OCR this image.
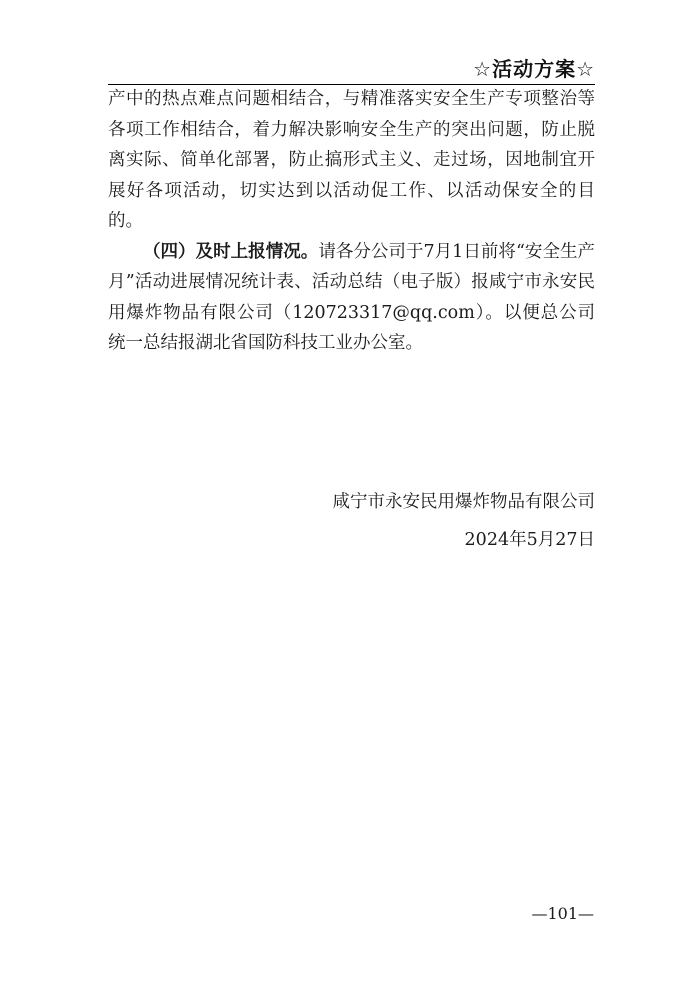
☆活动方案☆

产中的热点难点问题相结合，与精准落实安全生产专项整治等各项工作相结合，着力解决影响安全生产的突出问题，防止脱离实际、简单化部署，防止搞形式主义、走过场，因地制宜开展好各项活动，切实达到以活动促工作、以活动保安全的目的。

（四）及时上报情况。请各分公司于7月1日前将“安全生产月”活动进展情况统计表、活动总结（电子版）报咸宁市永安民用爆炸物品有限公司（120723317@qq.com）。以便总公司统一总结报湖北省国防科技工业办公室。

咸宁市永安民用爆炸物品有限公司
2024年5月27日
—101—
